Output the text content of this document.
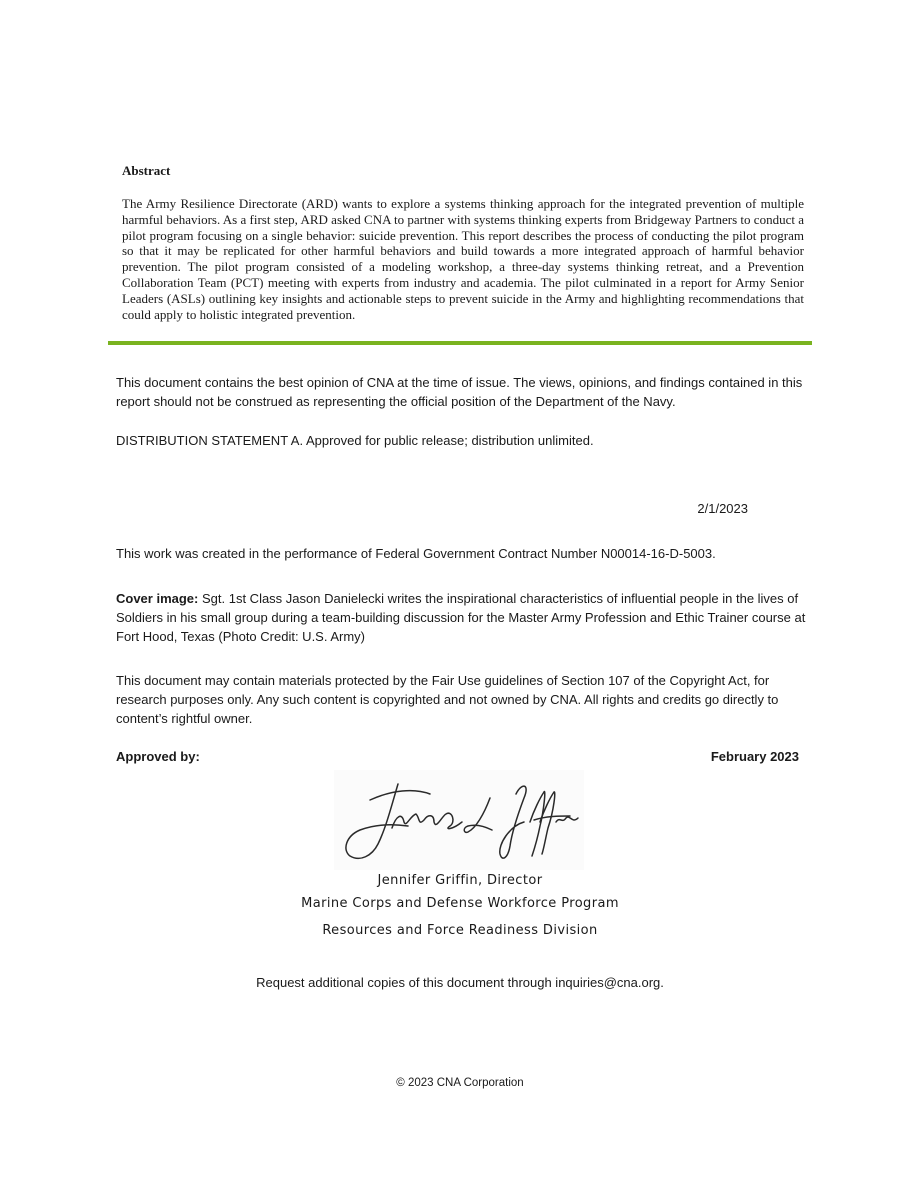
Abstract
The Army Resilience Directorate (ARD) wants to explore a systems thinking approach for the integrated prevention of multiple harmful behaviors. As a first step, ARD asked CNA to partner with systems thinking experts from Bridgeway Partners to conduct a pilot program focusing on a single behavior: suicide prevention. This report describes the process of conducting the pilot program so that it may be replicated for other harmful behaviors and build towards a more integrated approach of harmful behavior prevention. The pilot program consisted of a modeling workshop, a three-day systems thinking retreat, and a Prevention Collaboration Team (PCT) meeting with experts from industry and academia. The pilot culminated in a report for Army Senior Leaders (ASLs) outlining key insights and actionable steps to prevent suicide in the Army and highlighting recommendations that could apply to holistic integrated prevention.
This document contains the best opinion of CNA at the time of issue. The views, opinions, and findings contained in this report should not be construed as representing the official position of the Department of the Navy.
DISTRIBUTION STATEMENT A. Approved for public release; distribution unlimited.
2/1/2023
This work was created in the performance of Federal Government Contract Number N00014-16-D-5003.
Cover image: Sgt. 1st Class Jason Danielecki writes the inspirational characteristics of influential people in the lives of Soldiers in his small group during a team-building discussion for the Master Army Profession and Ethic Trainer course at Fort Hood, Texas (Photo Credit: U.S. Army)
This document may contain materials protected by the Fair Use guidelines of Section 107 of the Copyright Act, for research purposes only. Any such content is copyrighted and not owned by CNA. All rights and credits go directly to content’s rightful owner.
Approved by:	February 2023
Jennifer Griffin, Director
Marine Corps and Defense Workforce Program
Resources and Force Readiness Division
Request additional copies of this document through inquiries@cna.org.
© 2023 CNA Corporation
